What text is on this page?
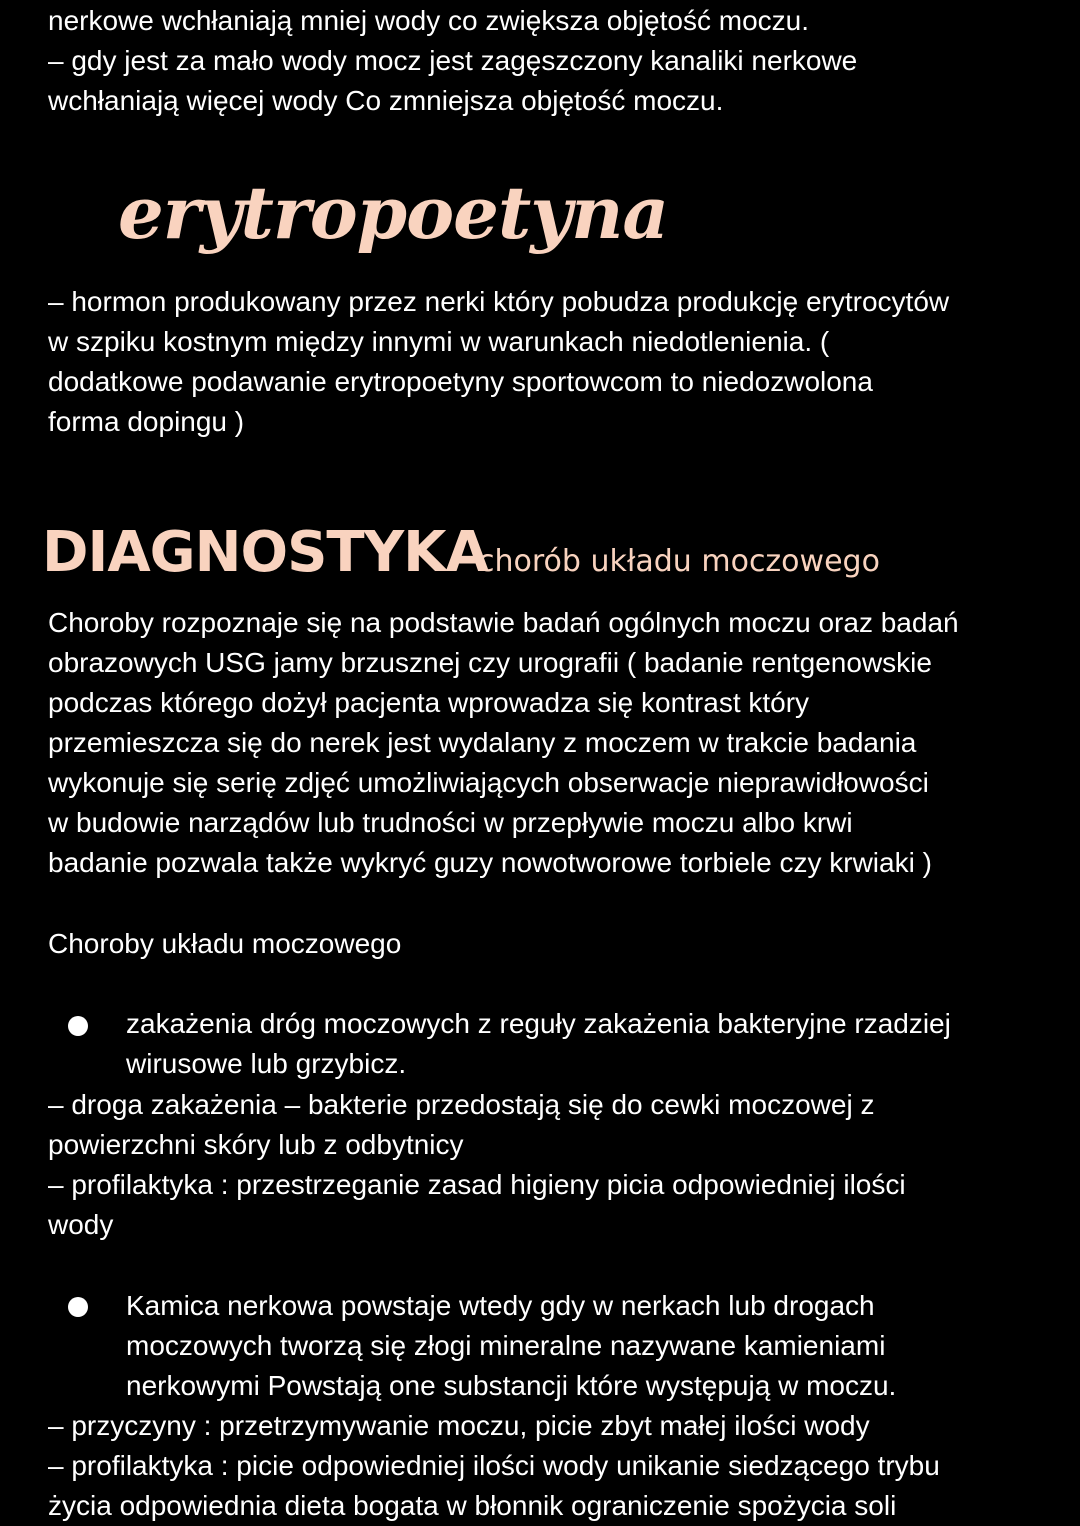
nerkowe wchłaniają mniej wody co zwiększa objętość moczu.
– gdy jest za mało wody mocz jest zagęszczony kanaliki nerkowe
wchłaniają więcej wody Co zmniejsza objętość moczu.
erytropoetyna
– hormon produkowany przez nerki który pobudza produkcję erytrocytów
w szpiku kostnym między innymi w warunkach niedotlenienia. (
dodatkowe podawanie erytropoetyny sportowcom to niedozwolona
forma dopingu )
DIAGNOSTYKA
chorób układu moczowego
Choroby rozpoznaje się na podstawie badań ogólnych moczu oraz badań
obrazowych USG jamy brzusznej czy urografii ( badanie rentgenowskie
podczas którego dożył pacjenta wprowadza się kontrast który
przemieszcza się do nerek jest wydalany z moczem w trakcie badania
wykonuje się serię zdjęć umożliwiających obserwacje nieprawidłowości
w budowie narządów lub trudności w przepływie moczu albo krwi
badanie pozwala także wykryć guzy nowotworowe torbiele czy krwiaki )
Choroby układu moczowego
zakażenia dróg moczowych z reguły zakażenia bakteryjne rzadziej
wirusowe lub grzybicz.
– droga zakażenia – bakterie przedostają się do cewki moczowej z
powierzchni skóry lub z odbytnicy
– profilaktyka : przestrzeganie zasad higieny picia odpowiedniej ilości
wody
Kamica nerkowa powstaje wtedy gdy w nerkach lub drogach
moczowych tworzą się złogi mineralne nazywane kamieniami
nerkowymi Powstają one substancji które występują w moczu.
– przyczyny : przetrzymywanie moczu, picie zbyt małej ilości wody
– profilaktyka : picie odpowiedniej ilości wody unikanie siedzącego trybu
życia odpowiednia dieta bogata w błonnik ograniczenie spożycia soli
